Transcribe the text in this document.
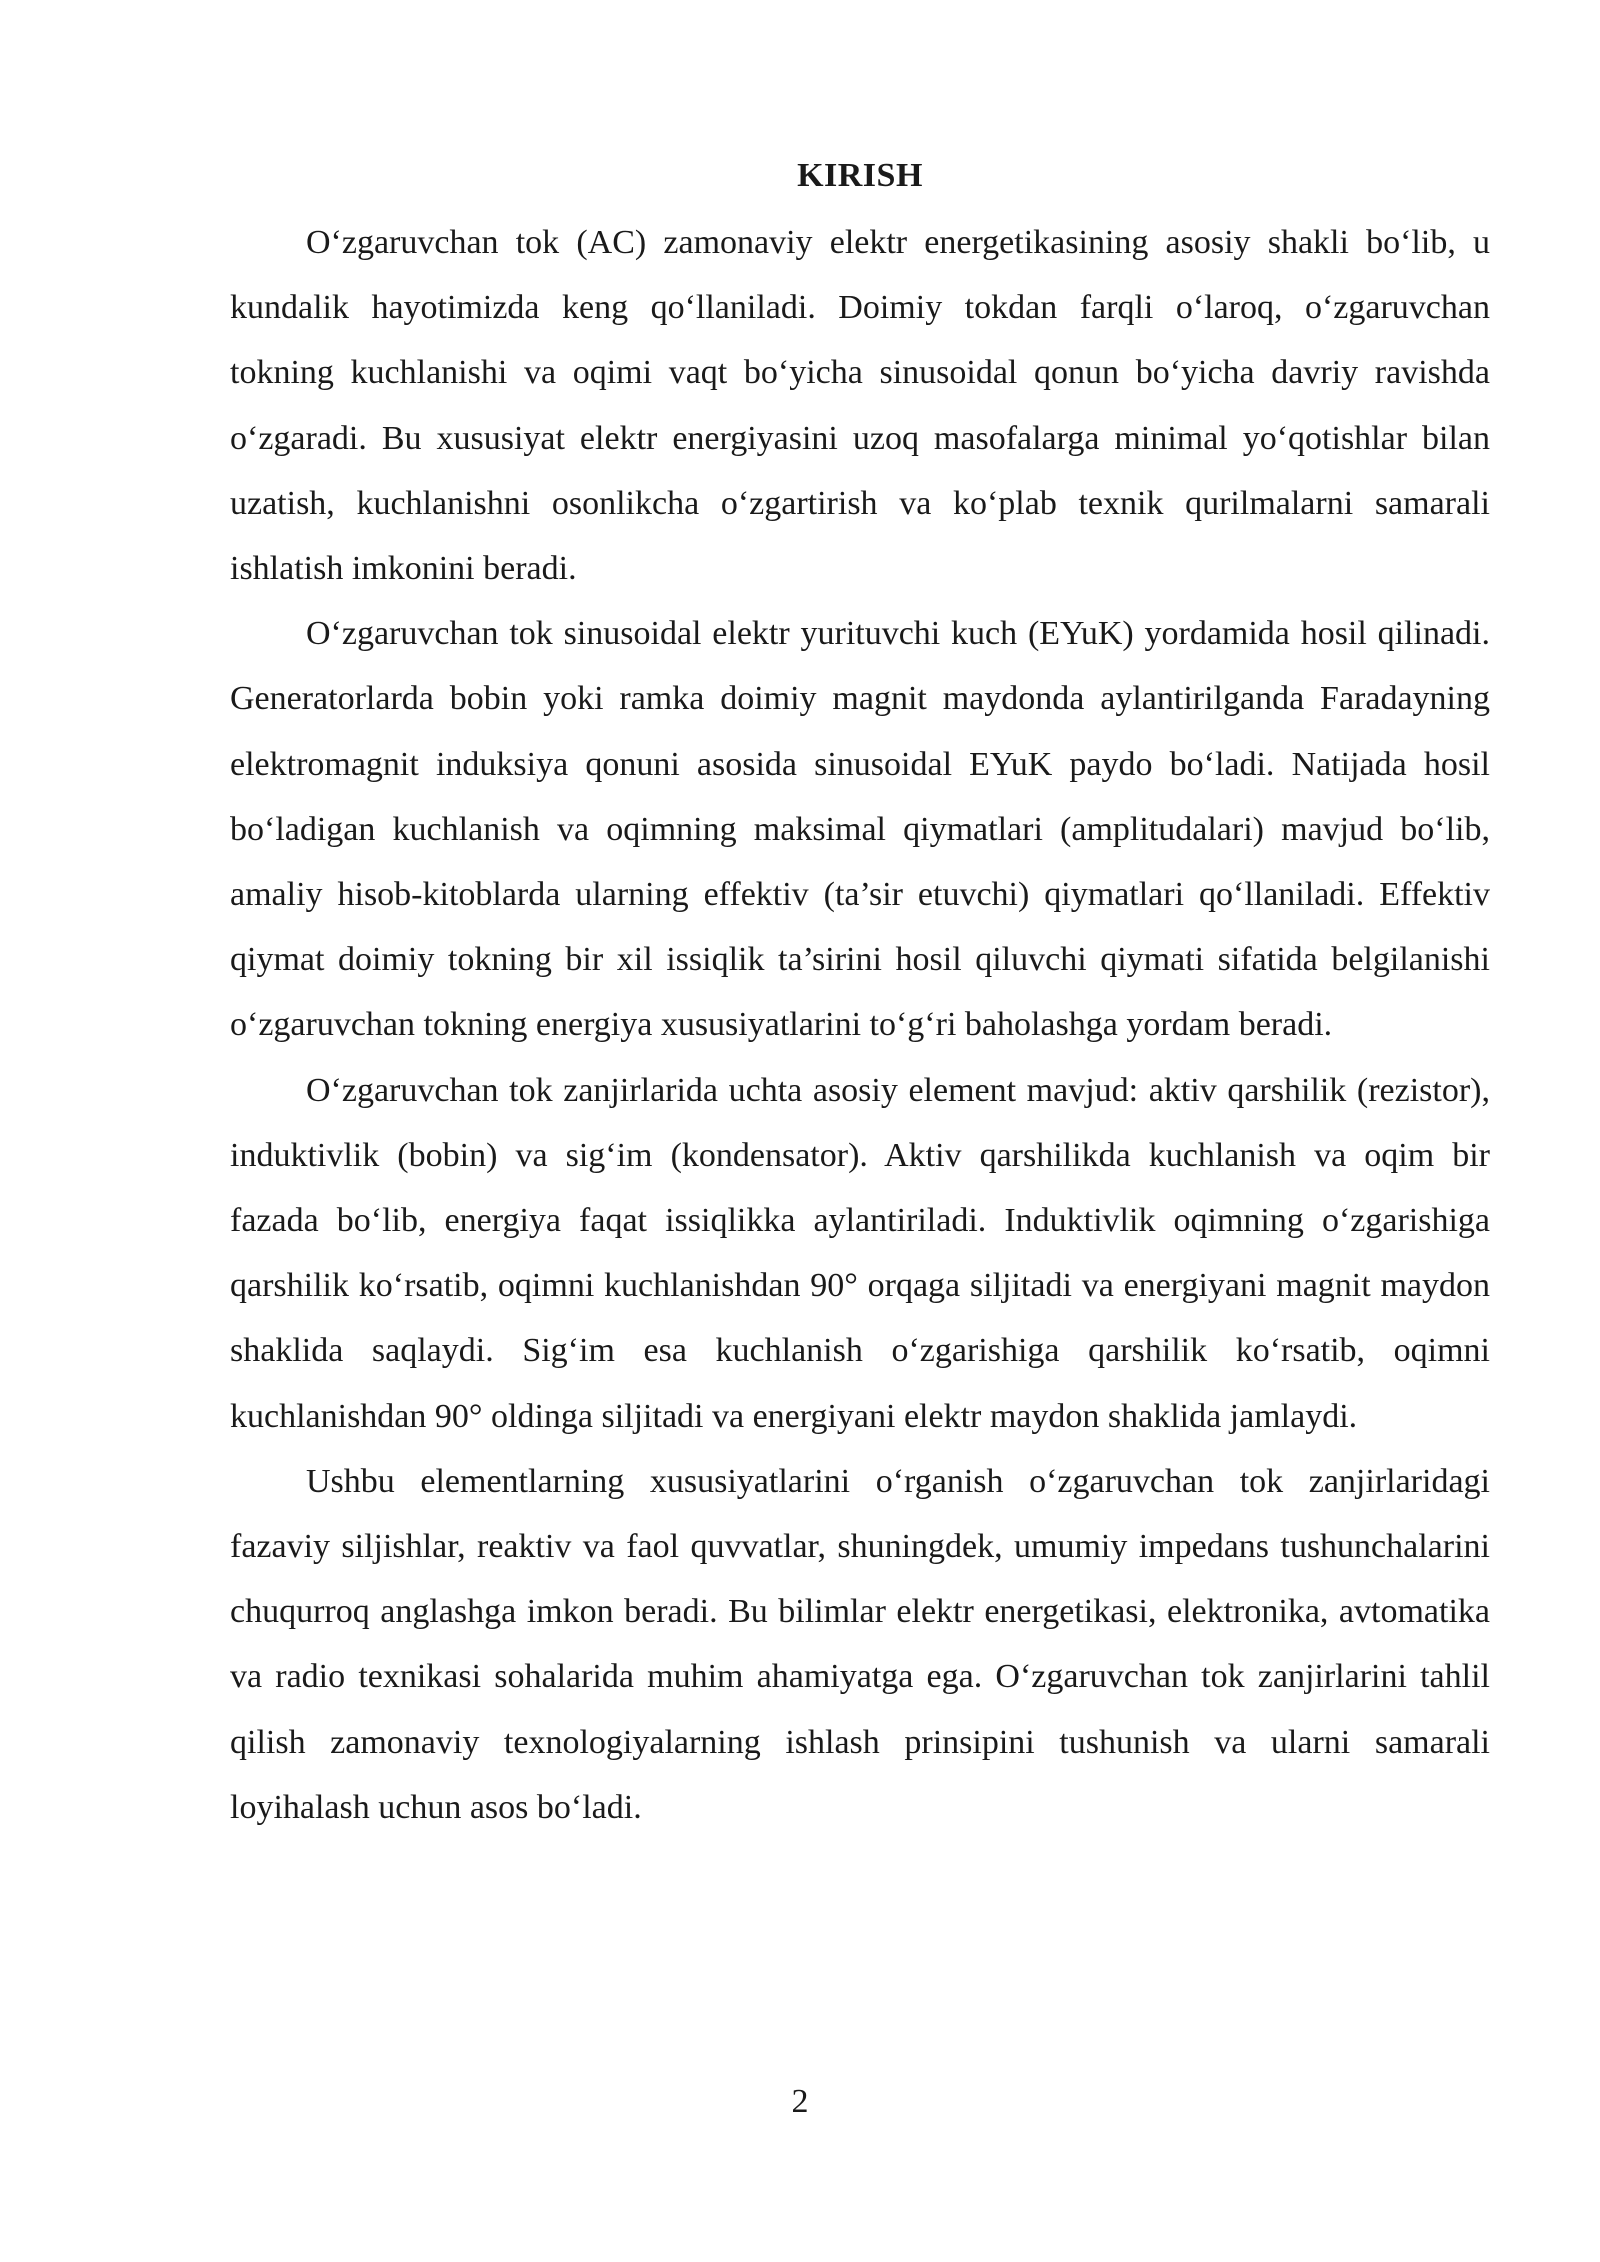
KIRISH

O‘zgaruvchan tok (AC) zamonaviy elektr energetikasining asosiy shakli bo‘lib, u kundalik hayotimizda keng qo‘llaniladi. Doimiy tokdan farqli o‘laroq, o‘zgaruvchan tokning kuchlanishi va oqimi vaqt bo‘yicha sinusoidal qonun bo‘yicha davriy ravishda o‘zgaradi. Bu xususiyat elektr energiyasini uzoq masofalarga minimal yo‘qotishlar bilan uzatish, kuchlanishni osonlikcha o‘zgartirish va ko‘plab texnik qurilmalarni samarali ishlatish imkonini beradi.

O‘zgaruvchan tok sinusoidal elektr yurituvchi kuch (EYuK) yordamida hosil qilinadi. Generatorlarda bobin yoki ramka doimiy magnit maydonda aylantirilganda Faradayning elektromagnit induksiya qonuni asosida sinusoidal EYuK paydo bo‘ladi. Natijada hosil bo‘ladigan kuchlanish va oqimning maksimal qiymatlari (amplitudalari) mavjud bo‘lib, amaliy hisob-kitoblarda ularning effektiv (ta’sir etuvchi) qiymatlari qo‘llaniladi. Effektiv qiymat doimiy tokning bir xil issiqlik ta’sirini hosil qiluvchi qiymati sifatida belgilanishi o‘zgaruvchan tokning energiya xususiyatlarini to‘g‘ri baholashga yordam beradi.

O‘zgaruvchan tok zanjirlarida uchta asosiy element mavjud: aktiv qarshilik (rezistor), induktivlik (bobin) va sig‘im (kondensator). Aktiv qarshilikda kuchlanish va oqim bir fazada bo‘lib, energiya faqat issiqlikka aylantiriladi. Induktivlik oqimning o‘zgarishiga qarshilik ko‘rsatib, oqimni kuchlanishdan 90° orqaga siljitadi va energiyani magnit maydon shaklida saqlaydi. Sig‘im esa kuchlanish o‘zgarishiga qarshilik ko‘rsatib, oqimni kuchlanishdan 90° oldinga siljitadi va energiyani elektr maydon shaklida jamlaydi.

Ushbu elementlarning xususiyatlarini o‘rganish o‘zgaruvchan tok zanjirlaridagi fazaviy siljishlar, reaktiv va faol quvvatlar, shuningdek, umumiy impedans tushunchalarini chuqurroq anglashga imkon beradi. Bu bilimlar elektr energetikasi, elektronika, avtomatika va radio texnikasi sohalarida muhim ahamiyatga ega. O‘zgaruvchan tok zanjirlarini tahlil qilish zamonaviy texnologiyalarning ishlash prinsipini tushunish va ularni samarali loyihalash uchun asos bo‘ladi.

2
